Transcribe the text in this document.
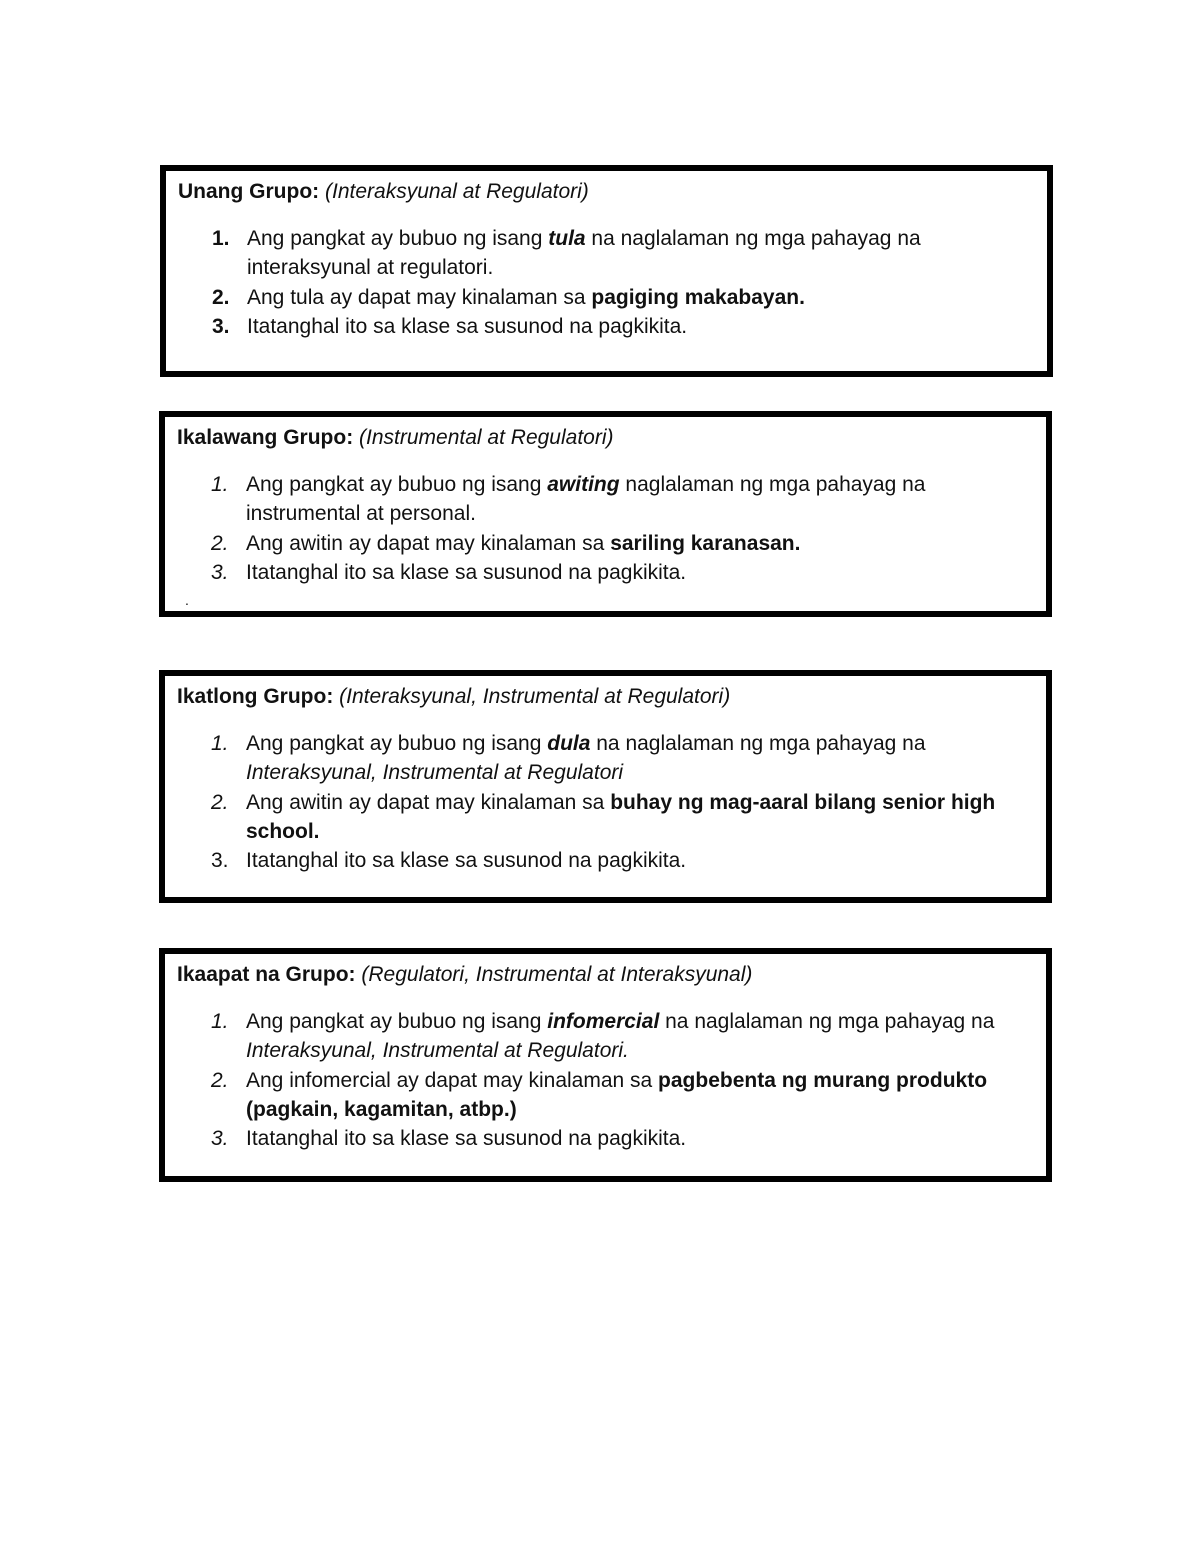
Unang Grupo: (Interaksyunal at Regulatori)
1. Ang pangkat ay bubuo ng isang tula na naglalaman ng mga pahayag na interaksyunal at regulatori.
2. Ang tula ay dapat may kinalaman sa pagiging makabayan.
3. Itatanghal ito sa klase sa susunod na pagkikita.
Ikalawang Grupo: (Instrumental at Regulatori)
1. Ang pangkat ay bubuo ng isang awiting naglalaman ng mga pahayag na instrumental at personal.
2. Ang awitin ay dapat may kinalaman sa sariling karanasan.
3. Itatanghal ito sa klase sa susunod na pagkikita.
.
Ikatlong Grupo: (Interaksyunal, Instrumental at Regulatori)
1. Ang pangkat ay bubuo ng isang dula na naglalaman ng mga pahayag na Interaksyunal, Instrumental at Regulatori
2. Ang awitin ay dapat may kinalaman sa buhay ng mag-aaral bilang senior high school.
3. Itatanghal ito sa klase sa susunod na pagkikita.
Ikaapat na Grupo: (Regulatori, Instrumental at Interaksyunal)
1. Ang pangkat ay bubuo ng isang infomercial na naglalaman ng mga pahayag na Interaksyunal, Instrumental at Regulatori.
2. Ang infomercial ay dapat may kinalaman sa pagbebenta ng murang produkto (pagkain, kagamitan, atbp.)
3. Itatanghal ito sa klase sa susunod na pagkikita.
